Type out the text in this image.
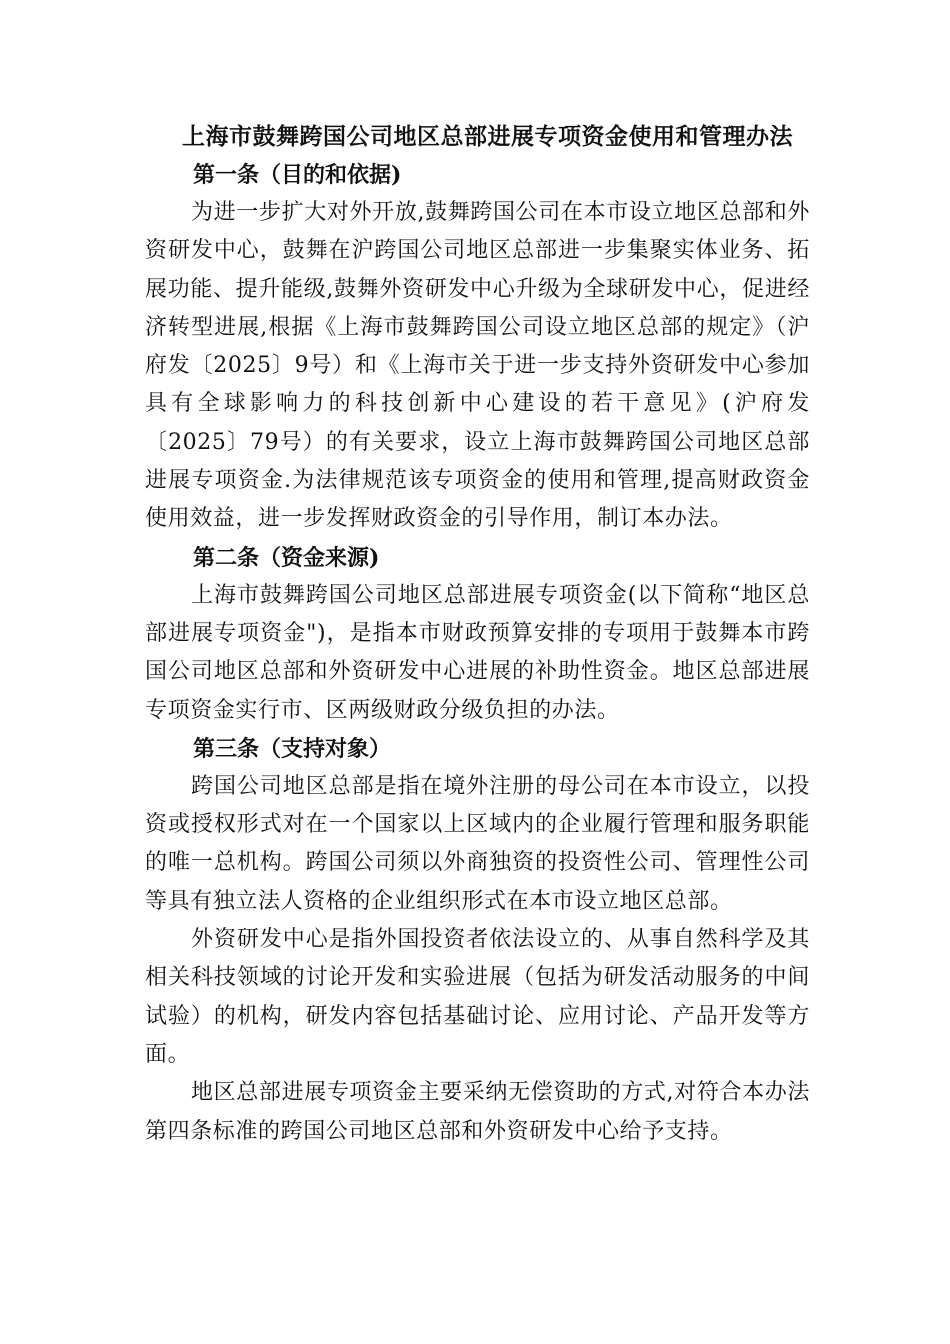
上海市鼓舞跨国公司地区总部进展专项资金使用和管理办法
第一条（目的和依据)

为进一步扩大对外开放,鼓舞跨国公司在本市设立地区总部和外资研发中心，鼓舞在沪跨国公司地区总部进一步集聚实体业务、拓展功能、提升能级,鼓舞外资研发中心升级为全球研发中心，促进经济转型进展,根据《上海市鼓舞跨国公司设立地区总部的规定》（沪府发〔2025〕9号）和《上海市关于进一步支持外资研发中心参加具有全球影响力的科技创新中心建设的若干意见》(沪府发〔2025〕79号）的有关要求，设立上海市鼓舞跨国公司地区总部进展专项资金.为法律规范该专项资金的使用和管理,提高财政资金使用效益，进一步发挥财政资金的引导作用，制订本办法。

第二条（资金来源)

上海市鼓舞跨国公司地区总部进展专项资金(以下简称“地区总部进展专项资金")，是指本市财政预算安排的专项用于鼓舞本市跨国公司地区总部和外资研发中心进展的补助性资金。地区总部进展专项资金实行市、区两级财政分级负担的办法。

第三条（支持对象）

跨国公司地区总部是指在境外注册的母公司在本市设立，以投资或授权形式对在一个国家以上区域内的企业履行管理和服务职能的唯一总机构。跨国公司须以外商独资的投资性公司、管理性公司等具有独立法人资格的企业组织形式在本市设立地区总部。

外资研发中心是指外国投资者依法设立的、从事自然科学及其相关科技领域的讨论开发和实验进展（包括为研发活动服务的中间试验）的机构，研发内容包括基础讨论、应用讨论、产品开发等方面。

地区总部进展专项资金主要采纳无偿资助的方式,对符合本办法第四条标准的跨国公司地区总部和外资研发中心给予支持。
